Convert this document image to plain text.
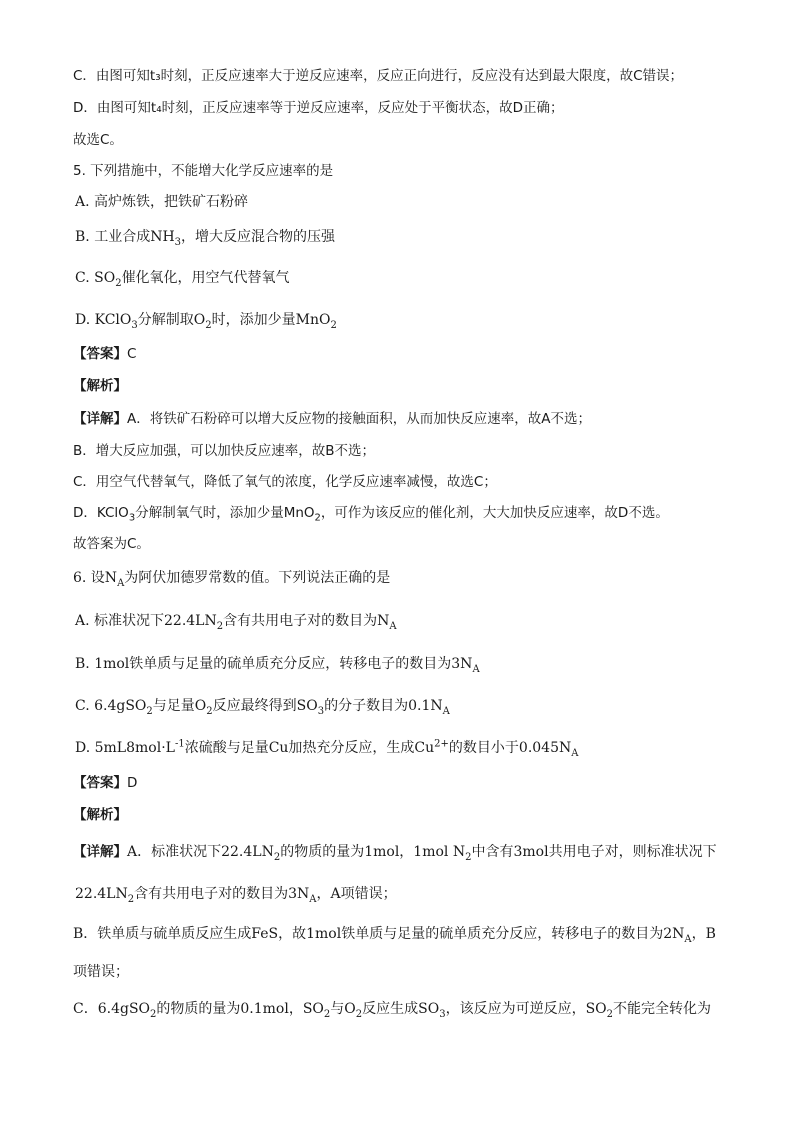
C．由图可知t₃时刻，正反应速率大于逆反应速率，反应正向进行，反应没有达到最大限度，故C错误；
D．由图可知t₄时刻，正反应速率等于逆反应速率，反应处于平衡状态，故D正确；
故选C。
5. 下列措施中，不能增大化学反应速率的是
A. 高炉炼铁，把铁矿石粉碎
B. 工业合成$NH_3$，增大反应混合物的压强
C. $SO_2$催化氧化，用空气代替氧气
D. KClO$_3$分解制取$O_2$时，添加少量MnO$_2$
【答案】C
【解析】
【详解】A．将铁矿石粉碎可以增大反应物的接触面积，从而加快反应速率，故A不选；
B．增大反应加强，可以加快反应速率，故B不选；
C．用空气代替氧气，降低了氧气的浓度，化学反应速率减慢，故选C；
D．KClO$_3$分解制氧气时，添加少量MnO$_2$，可作为该反应的催化剂，大大加快反应速率，故D不选。
故答案为C。
6. 设$N_A$为阿伏加德罗常数的值。下列说法正确的是
A. 标准状况下$22.4LN_2$含有共用电子对的数目为$N_A$
B. 1mol铁单质与足量的硫单质充分反应，转移电子的数目为$3N_A$
C. 6.4gSO$_2$与足量$O_2$反应最终得到$SO_3$的分子数目为$0.1N_A$
D. $5mL8mol\cdot L^{-1}$浓硫酸与足量Cu加热充分反应，生成$Cu^{2+}$的数目小于$0.045N_A$
【答案】D
【解析】
【详解】A．标准状况下$22.4LN_2$的物质的量为1mol，1mol $N_2$中含有3mol共用电子对，则标准状况下
$22.4LN_2$含有共用电子对的数目为$3N_A$，A项错误；
B．铁单质与硫单质反应生成FeS，故1mol铁单质与足量的硫单质充分反应，转移电子的数目为$2N_A$，B
项错误；
C．6.4gSO$_2$的物质的量为0.1mol，$SO_2$与$O_2$反应生成$SO_3$，该反应为可逆反应，$SO_2$不能完全转化为
